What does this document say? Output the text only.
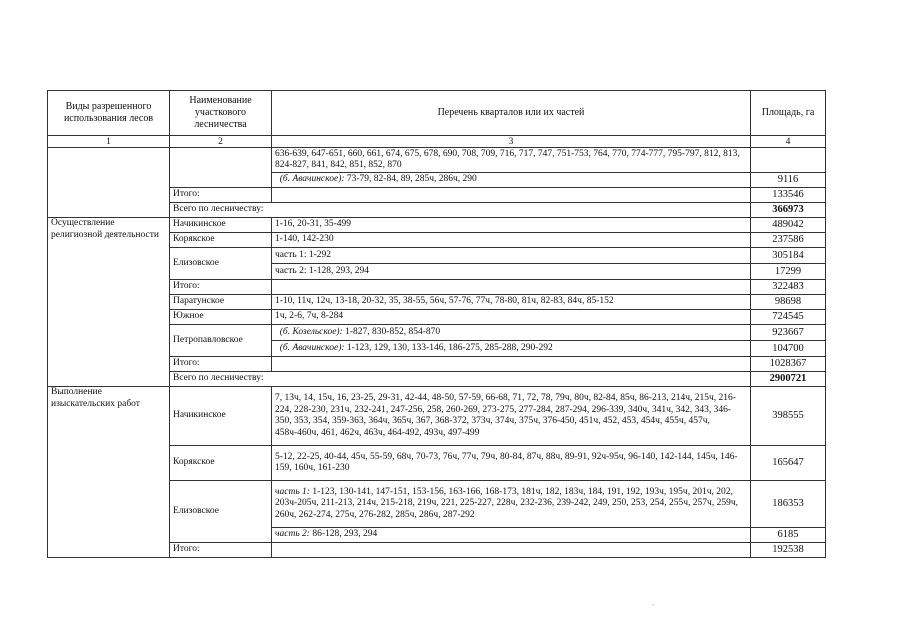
Виды разрешенного использования лесов	Наименование участкового лесничества	Перечень кварталов или их частей	Площадь, га
1	2	3	4
		636-639, 647-651, 660, 661, 674, 675, 678, 690, 708, 709, 716, 717, 747, 751-753, 764, 770, 774-777, 795-797, 812, 813, 824-827, 841, 842, 851, 852, 870	
		(б. Авачинское): 73-79, 82-84, 89, 285ч, 286ч, 290	9116
	Итого:		133546
	Всего по лесничеству:		366973
Осуществление религиозной деятельности	Начикинское	1-16, 20-31, 35-499	489042
	Корякское	1-140, 142-230	237586
	Елизовское	часть 1: 1-292	305184
		часть 2: 1-128, 293, 294	17299
	Итого:		322483
	Паратунское	1-10, 11ч, 12ч, 13-18, 20-32, 35, 38-55, 56ч, 57-76, 77ч, 78-80, 81ч, 82-83, 84ч, 85-152	98698
	Южное	1ч, 2-6, 7ч, 8-284	724545
	Петропавловское	(б. Козельское): 1-827, 830-852, 854-870	923667
		(б. Авачинское): 1-123, 129, 130, 133-146, 186-275, 285-288, 290-292	104700
	Итого:		1028367
	Всего по лесничеству:		2900721
Выполнение изыскательских работ	Начикинское	7, 13ч, 14, 15ч, 16, 23-25, 29-31, 42-44, 48-50, 57-59, 66-68, 71, 72, 78, 79ч, 80ч, 82-84, 85ч, 86-213, 214ч, 215ч, 216-224, 228-230, 231ч, 232-241, 247-256, 258, 260-269, 273-275, 277-284, 287-294, 296-339, 340ч, 341ч, 342, 343, 346-350, 353, 354, 359-363, 364ч, 365ч, 367, 368-372, 373ч, 374ч, 375ч, 376-450, 451ч, 452, 453, 454ч, 455ч, 457ч, 458ч-460ч, 461, 462ч, 463ч, 464-492, 493ч, 497-499	398555
	Корякское	5-12, 22-25, 40-44, 45ч, 55-59, 68ч, 70-73, 76ч, 77ч, 79ч, 80-84, 87ч, 88ч, 89-91, 92ч-95ч, 96-140, 142-144, 145ч, 146-159, 160ч, 161-230	165647
	Елизовское	часть 1: 1-123, 130-141, 147-151, 153-156, 163-166, 168-173, 181ч, 182, 183ч, 184, 191, 192, 193ч, 195ч, 201ч, 202, 203ч-205ч, 211-213, 214ч, 215-218, 219ч, 221, 225-227, 228ч, 232-236, 239-242, 249, 250, 253, 254, 255ч, 257ч, 259ч, 260ч, 262-274, 275ч, 276-282, 285ч, 286ч, 287-292	186353
		часть 2: 86-128, 293, 294	6185
	Итого:		192538
-
